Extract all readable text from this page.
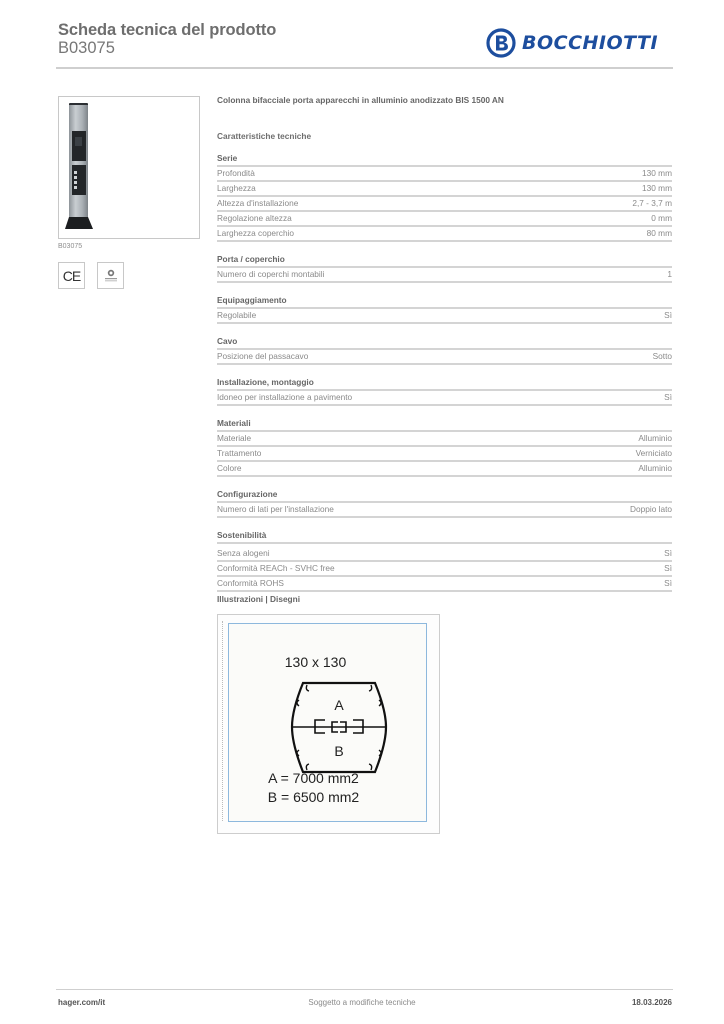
Scheda tecnica del prodotto
B03075	BOCCHIOTTI
B03075
CE
Colonna bifacciale porta apparecchi in alluminio anodizzato BIS 1500 AN
Caratteristiche tecniche
Serie
Profondità	130 mm
Larghezza	130 mm
Altezza d'installazione	2,7 - 3,7 m
Regolazione altezza	0 mm
Larghezza coperchio	80 mm
Porta / coperchio
Numero di coperchi montabili	1
Equipaggiamento
Regolabile	Sì
Cavo
Posizione del passacavo	Sotto
Installazione, montaggio
Idoneo per installazione a pavimento	Sì
Materiali
Materiale	Alluminio
Trattamento	Verniciato
Colore	Alluminio
Configurazione
Numero di lati per l'installazione	Doppio lato
Sostenibilità
Senza alogeni	Sì
Conformità REACh - SVHC free	Sì
Conformità ROHS	Sì
Illustrazioni | Disegni
130 x 130
A
B
A = 7000 mm2
B = 6500 mm2
hager.com/it	Soggetto a modifiche tecniche	18.03.2026
